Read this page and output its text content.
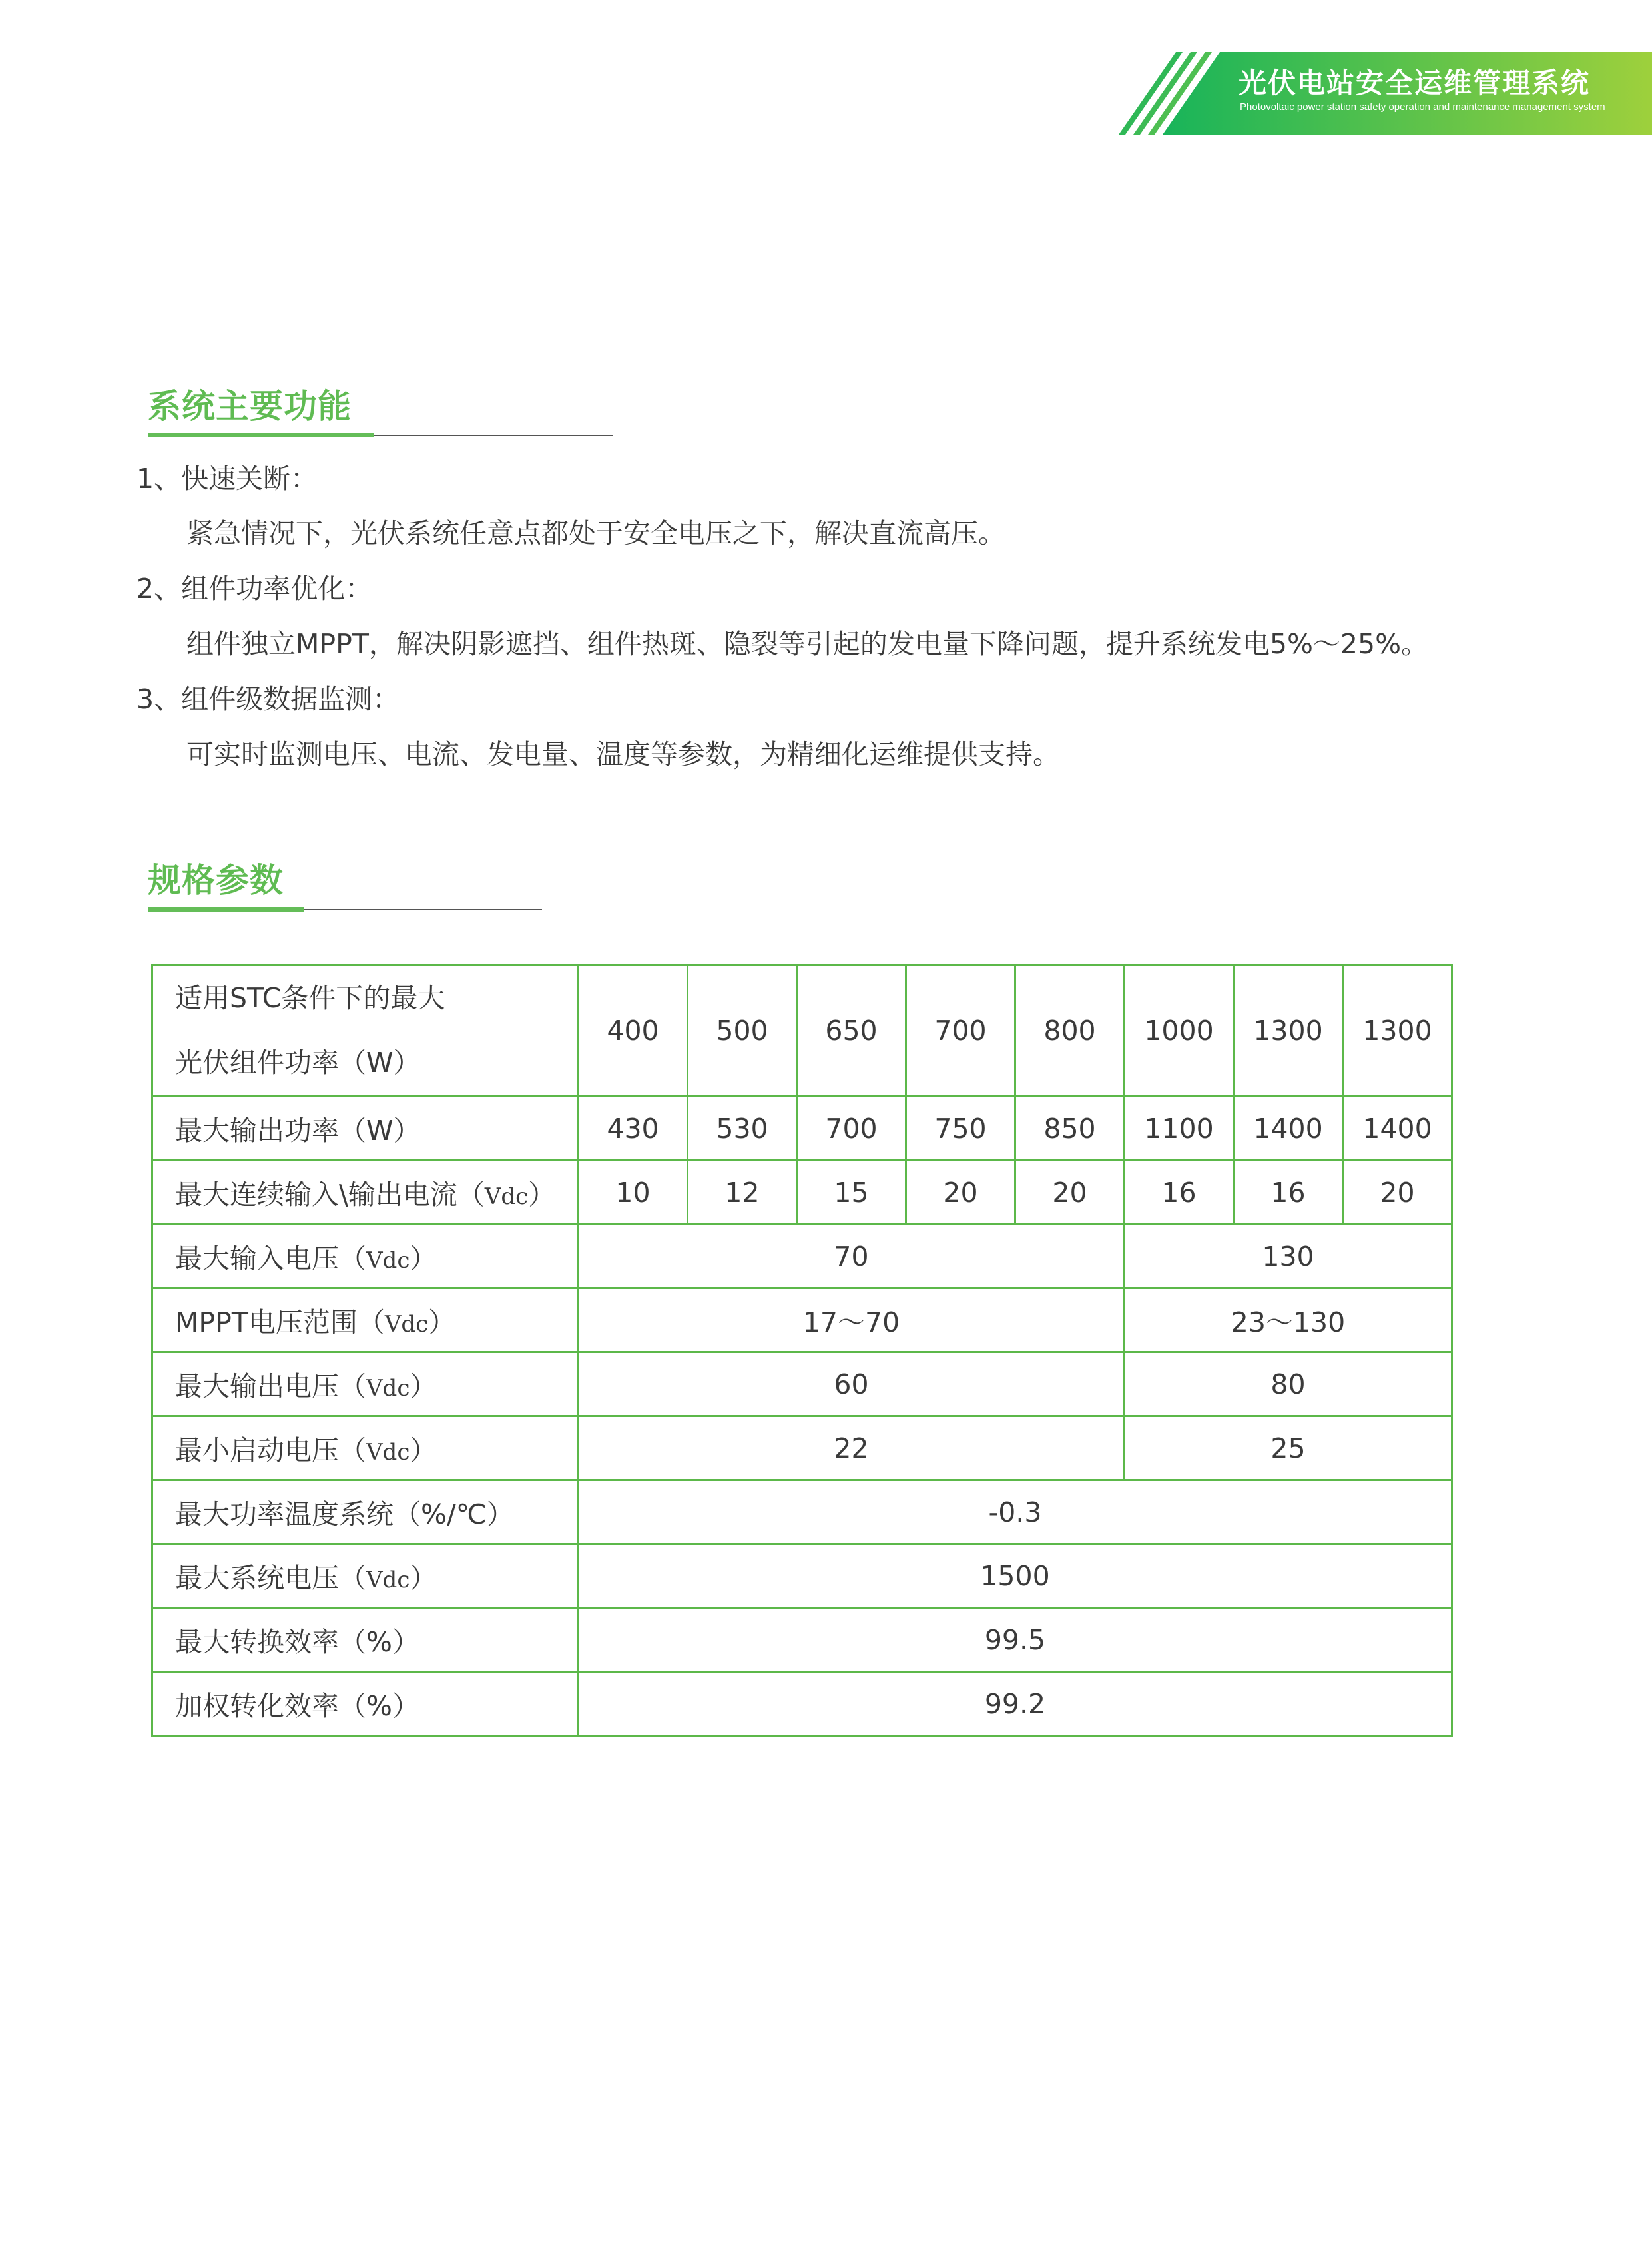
光伏电站安全运维管理系统
Photovoltaic power station safety operation and maintenance management system
系统主要功能

1、快速关断：

紧急情况下，光伏系统任意点都处于安全电压之下，解决直流高压。

2、组件功率优化：

组件独立MPPT，解决阴影遮挡、组件热斑、隐裂等引起的发电量下降问题，提升系统发电5%～25%。

3、组件级数据监测：

可实时监测电压、电流、发电量、温度等参数，为精细化运维提供支持。

规格参数
适用STC条件下的最大
光伏组件功率（W）	400	500	650	700	800	1000	1300	1300
最大输出功率（W）	430	530	700	750	850	1100	1400	1400
最大连续输入\输出电流（Vdc）	10	12	15	20	20	16	16	20
最大输入电压（Vdc）	70					130		
MPPT电压范围（Vdc）	17～70					23～130		
最大输出电压（Vdc）	60					80		
最小启动电压（Vdc）	22					25		
最大功率温度系统（%/℃）	-0.3							
最大系统电压（Vdc）	1500							
最大转换效率（%）	99.5							
加权转化效率（%）	99.2							
